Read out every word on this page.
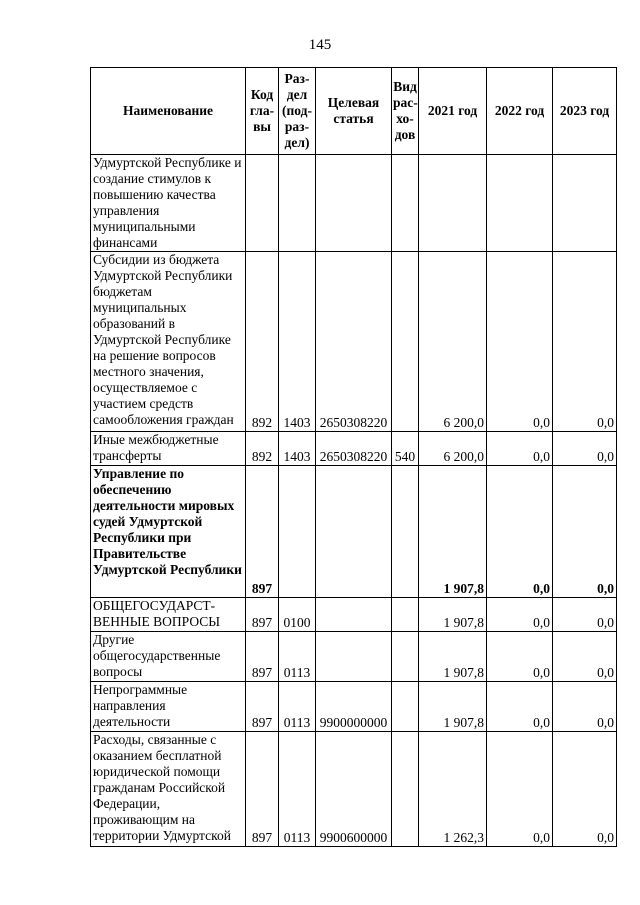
145
Наименование	Код гла-вы	Раз-дел (под-раз-дел)	Целевая статья	Вид рас-хо-дов	2021 год	2022 год	2023 год
Удмуртской Республике и создание стимулов к повышению качества управления муниципальными финансами							
Субсидии из бюджета Удмуртской Республики бюджетам муниципальных образований в Удмуртской Республике на решение вопросов местного значения, осуществляемое с участием средств самообложения граждан	892	1403	2650308220		6 200,0	0,0	0,0
Иные межбюджетные трансферты	892	1403	2650308220	540	6 200,0	0,0	0,0
Управление по обеспечению деятельности мировых судей Удмуртской Республики при Правительстве Удмуртской Республики	897				1 907,8	0,0	0,0
ОБЩЕГОСУДАРСТ-ВЕННЫЕ ВОПРОСЫ	897	0100			1 907,8	0,0	0,0
Другие общегосударственные вопросы	897	0113			1 907,8	0,0	0,0
Непрограммные направления деятельности	897	0113	9900000000		1 907,8	0,0	0,0
Расходы, связанные с оказанием бесплатной юридической помощи гражданам Российской Федерации, проживающим на территории Удмуртской	897	0113	9900600000		1 262,3	0,0	0,0
